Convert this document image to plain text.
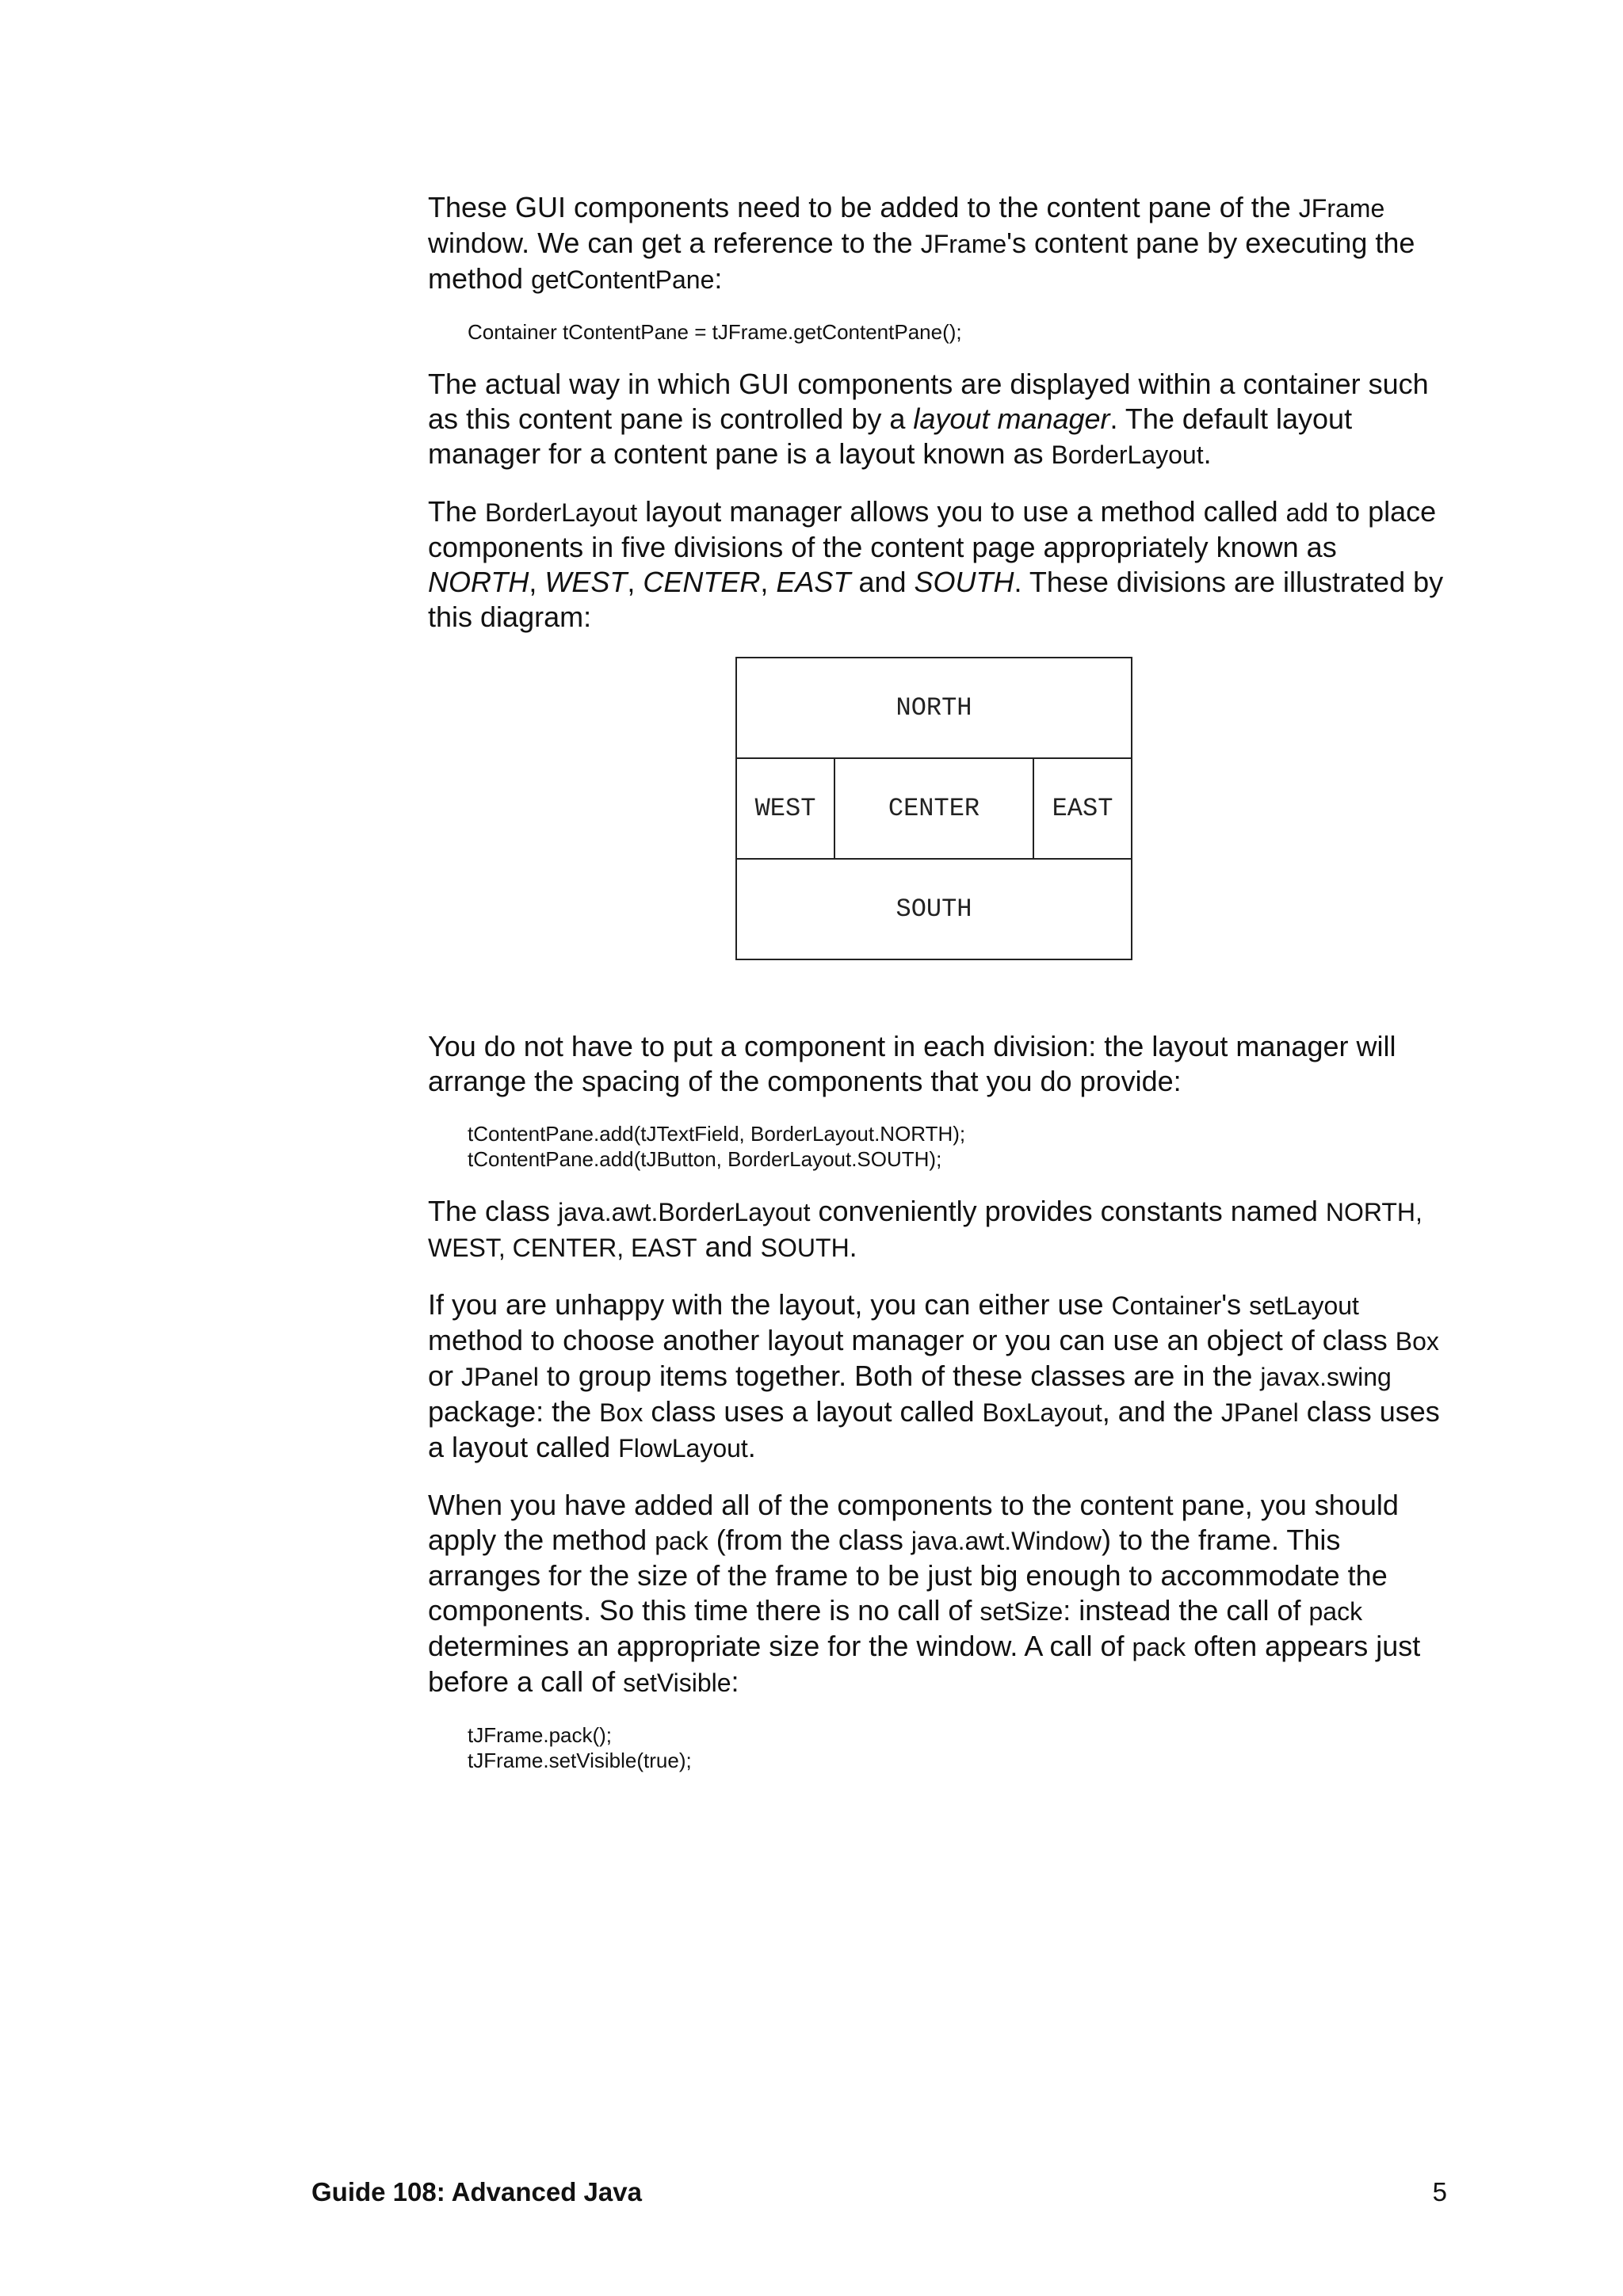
These GUI components need to be added to the content pane of the JFrame window. We can get a reference to the JFrame's content pane by executing the method getContentPane:

Container tContentPane = tJFrame.getContentPane();

The actual way in which GUI components are displayed within a container such as this content pane is controlled by a layout manager. The default layout manager for a content pane is a layout known as BorderLayout.

The BorderLayout layout manager allows you to use a method called add to place components in five divisions of the content page appropriately known as NORTH, WEST, CENTER, EAST and SOUTH. These divisions are illustrated by this diagram:

NORTH
WEST	CENTER	EAST
SOUTH

You do not have to put a component in each division: the layout manager will arrange the spacing of the components that you do provide:

tContentPane.add(tJTextField, BorderLayout.NORTH);
tContentPane.add(tJButton, BorderLayout.SOUTH);

The class java.awt.BorderLayout conveniently provides constants named NORTH, WEST, CENTER, EAST and SOUTH.

If you are unhappy with the layout, you can either use Container's setLayout method to choose another layout manager or you can use an object of class Box or JPanel to group items together. Both of these classes are in the javax.swing package: the Box class uses a layout called BoxLayout, and the JPanel class uses a layout called FlowLayout.

When you have added all of the components to the content pane, you should apply the method pack (from the class java.awt.Window) to the frame. This arranges for the size of the frame to be just big enough to accommodate the components. So this time there is no call of setSize: instead the call of pack determines an appropriate size for the window. A call of pack often appears just before a call of setVisible:

tJFrame.pack();
tJFrame.setVisible(true);
Guide 108: Advanced Java	5
